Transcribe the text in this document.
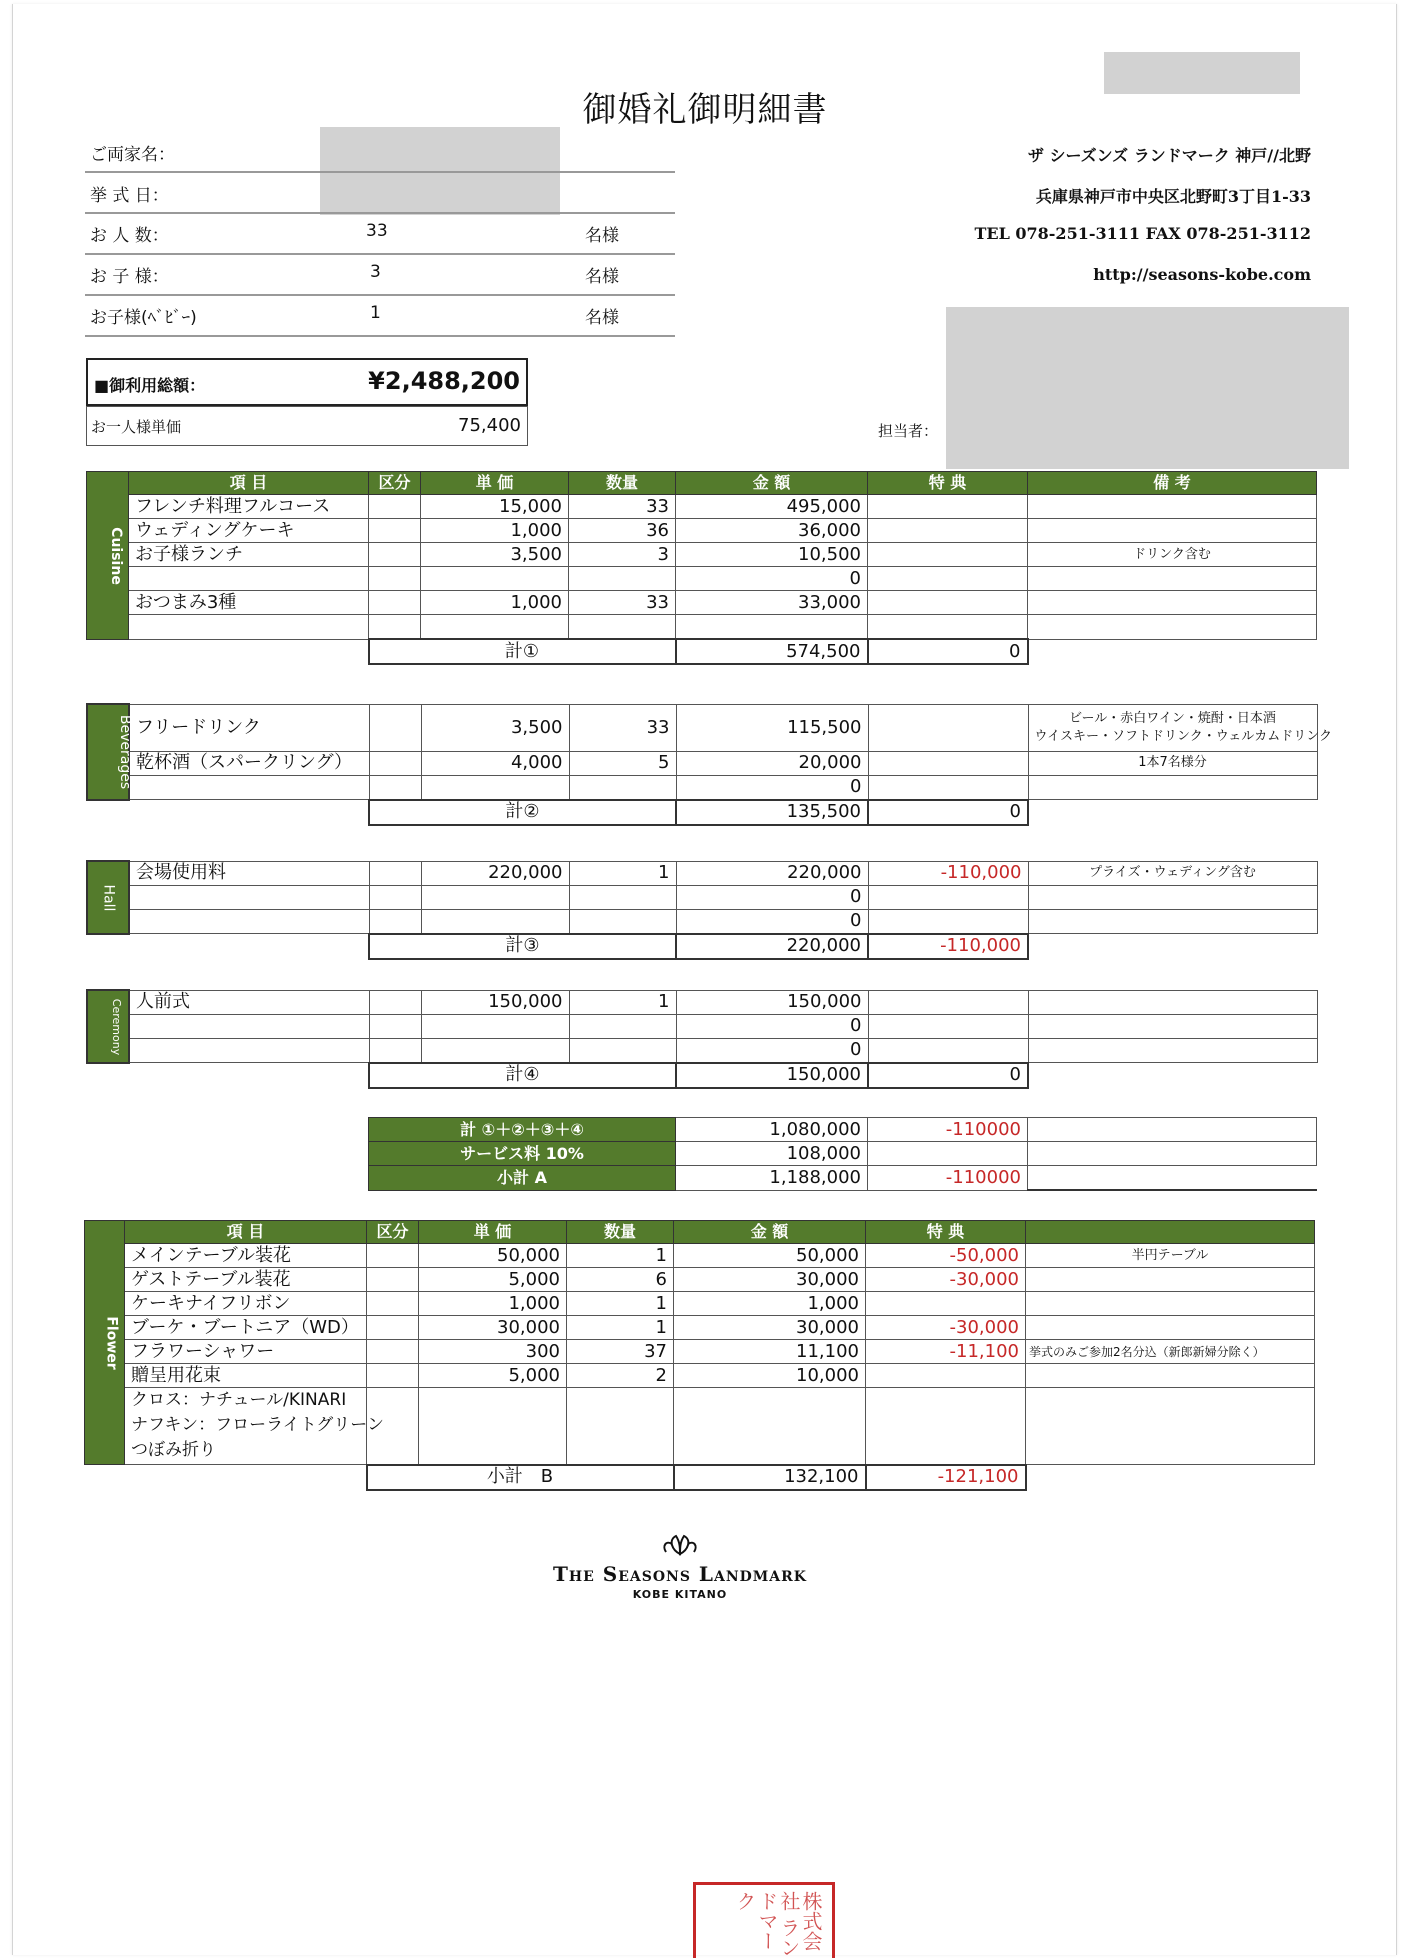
御婚礼御明細書
ご両家名：
挙 式 日：
お 人 数：	33	名様
お 子 様：	3	名様
お子様(ﾍﾞﾋﾞｰ)	1	名様
ザ シーズンズ ランドマーク 神戸//北野
兵庫県神戸市中央区北野町3丁目1-33
TEL 078-251-3111 FAX 078-251-3112
http://seasons-kobe.com
■御利用総額：	¥2,488,200
お一人様単価	75,400	担当者：
Cuisine	項 目	区分	単 価	数量	金 額	特 典	備 考
	フレンチ料理フルコース		15,000	33	495,000		
	ウェディングケーキ		1,000	36	36,000		
	お子様ランチ		3,500	3	10,500		ドリンク含む
					0		
	おつまみ3種		1,000	33	33,000		

		計①			574,500	0	
Beverages	フリードリンク		3,500	33	115,500		ビール・赤白ワイン・焼酎・日本酒
ウイスキー・ソフトドリンク・ウェルカムドリンク

	乾杯酒（スパークリング）		4,000	5	20,000		1本7名様分
					0		
		計②			135,500	0	
Hall	会場使用料		220,000	1	220,000	-110,000	プライズ・ウェディング含む
					0		
					0		
		計③			220,000	-110,000	
Ceremony	人前式		150,000	1	150,000		
					0		
					0		
		計④			150,000	0	
計 ①＋②＋③＋④	1,080,000	-110000	
サービス料 10%	108,000		
小計 A	1,188,000	-110000	
Flower	項 目	区分	単 価	数量	金 額	特 典	
	メインテーブル装花		50,000	1	50,000	-50,000	半円テーブル
	ゲストテーブル装花		5,000	6	30,000	-30,000	
	ケーキナイフリボン		1,000	1	1,000		
	ブーケ・ブートニア（WD）		30,000	1	30,000	-30,000	
	フラワーシャワー		300	37	11,100	-11,100	挙式のみご参加2名分込（新郎新婦分除く）
	贈呈用花束		5,000	2	10,000		

	クロス：ナチュール/KINARI
ナフキン：フローライトグリーン
つぼみ折り						

		小計　B			132,100	-121,100	
The Seasons Landmark
KOBE KITANO
株式会社 ランドマーク
